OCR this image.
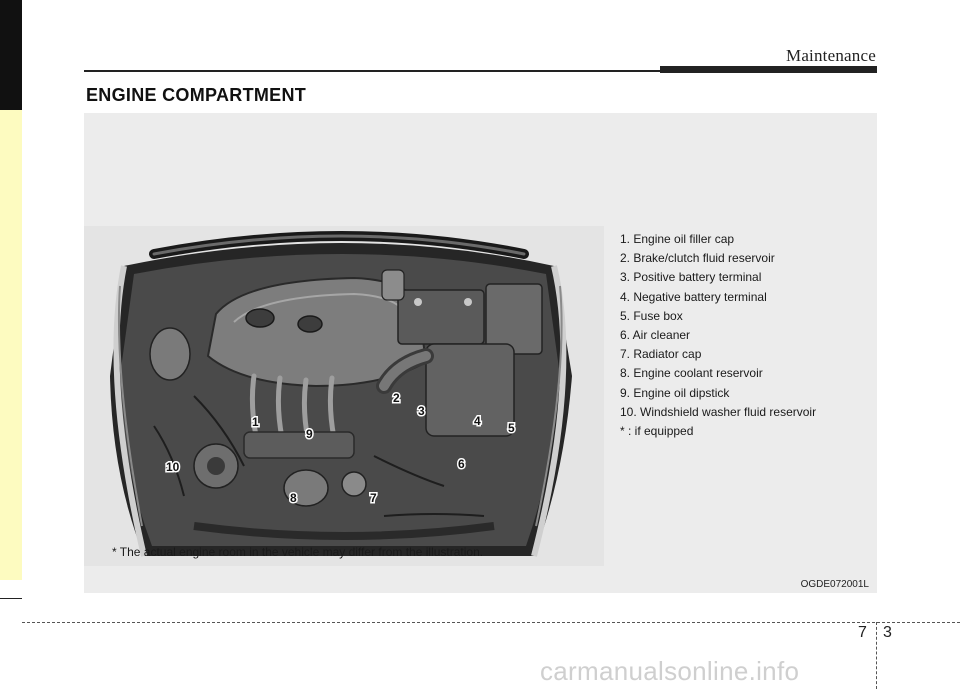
Maintenance
ENGINE COMPARTMENT
1
2
3
4 5
6
7
8
9
10
1. Engine oil filler cap
2. Brake/clutch fluid reservoir
3. Positive battery terminal
4. Negative battery terminal
5. Fuse box
6. Air cleaner
7. Radiator cap
8. Engine coolant reservoir
9. Engine oil dipstick
10. Windshield washer fluid reservoir
* : if equipped
* The actual engine room in the vehicle may differ from the illustration.
OGDE072001L
7 3
carmanualsonline.info
